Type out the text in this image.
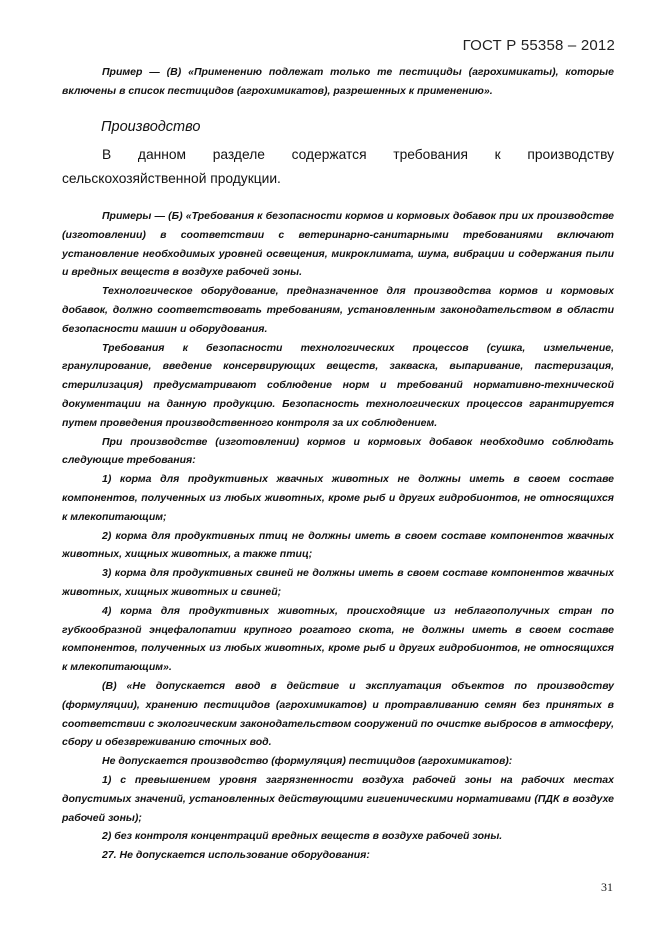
ГОСТ Р 55358 – 2012

Пример — (В) «Применению подлежат только те пестициды (агрохимикаты), которые включены в список пестицидов (агрохимикатов), разрешенных к применению».

Производство

В данном разделе содержатся требования к производству сельскохозяйственной продукции.

Примеры — (Б) «Требования к безопасности кормов и кормовых добавок при их производстве (изготовлении) в соответствии с ветеринарно-санитарными требованиями включают установление необходимых уровней освещения, микроклимата, шума, вибрации и содержания пыли и вредных веществ в воздухе рабочей зоны.

Технологическое оборудование, предназначенное для производства кормов и кормовых добавок, должно соответствовать требованиям, установленным законодательством в области безопасности машин и оборудования.

Требования к безопасности технологических процессов (сушка, измельчение, гранулирование, введение консервирующих веществ, закваска, выпаривание, пастеризация, стерилизация) предусматривают соблюдение норм и требований нормативно-технической документации на данную продукцию. Безопасность технологических процессов гарантируется путем проведения производственного контроля за их соблюдением.

При производстве (изготовлении) кормов и кормовых добавок необходимо соблюдать следующие требования:

1) корма для продуктивных жвачных животных не должны иметь в своем составе компонентов, полученных из любых животных, кроме рыб и других гидробионтов, не относящихся к млекопитающим;

2) корма для продуктивных птиц не должны иметь в своем составе компонентов жвачных животных, хищных животных, а также птиц;

3) корма для продуктивных свиней не должны иметь в своем составе компонентов жвачных животных, хищных животных и свиней;

4) корма для продуктивных животных, происходящие из неблагополучных стран по губкообразной энцефалопатии крупного рогатого скота, не должны иметь в своем составе компонентов, полученных из любых животных, кроме рыб и других гидробионтов, не относящихся к млекопитающим».

(В) «Не допускается ввод в действие и эксплуатация объектов по производству (формуляции), хранению пестицидов (агрохимикатов) и протравливанию семян без принятых в соответствии с экологическим законодательством сооружений по очистке выбросов в атмосферу, сбору и обезвреживанию сточных вод.

Не допускается производство (формуляция) пестицидов (агрохимикатов):

1) с превышением уровня загрязненности воздуха рабочей зоны на рабочих местах допустимых значений, установленных действующими гигиеническими нормативами (ПДК в воздухе рабочей зоны);

2) без контроля концентраций вредных веществ в воздухе рабочей зоны.

27. Не допускается использование оборудования:

31
